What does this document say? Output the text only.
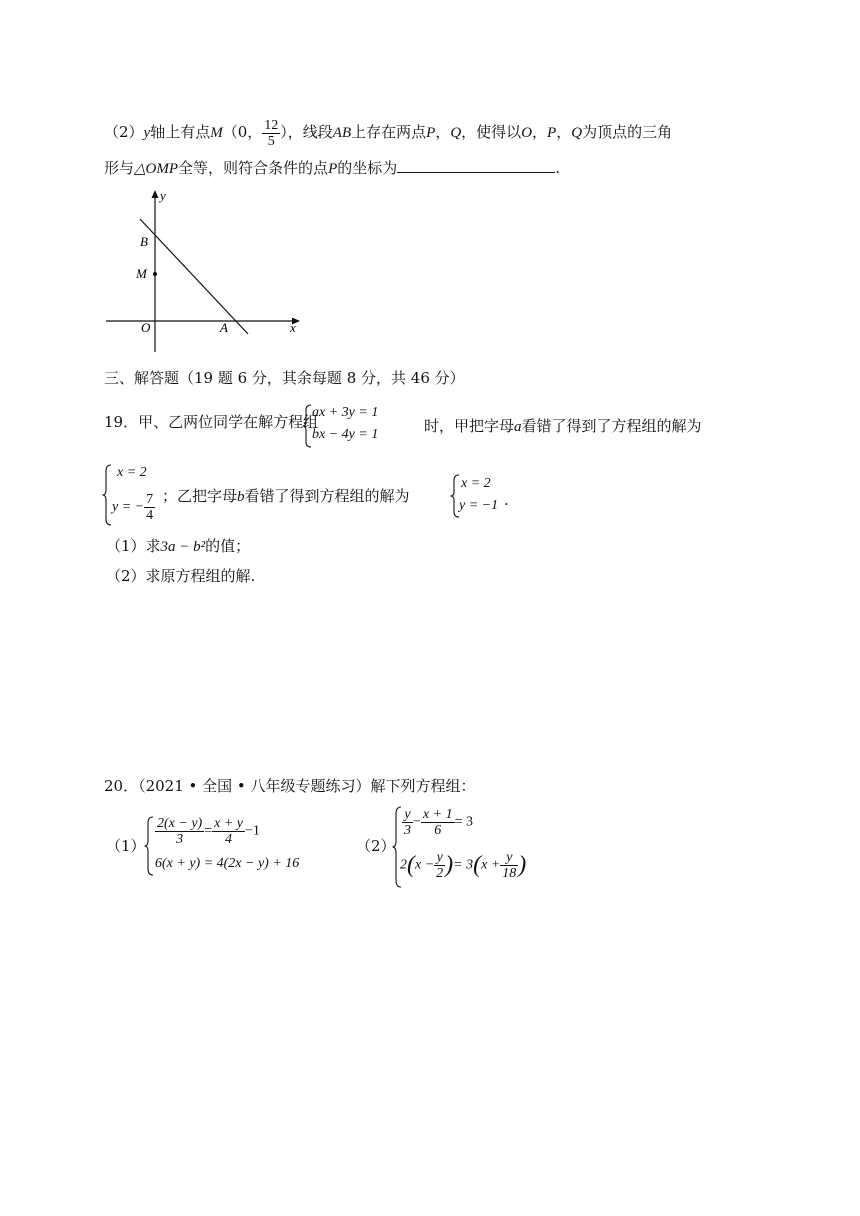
（2）y轴上有点M（0， $\frac{12}{5}$ ），线段AB上存在两点P，Q，使得以O，P，Q为顶点的三角
形与△OMP全等，则符合条件的点P的坐标为	.
x
y
B
M
O	A
三、解答题（19 题 6 分，其余每题 8 分，共 46 分）
19．甲、乙两位同学在解方程组
ax + 3y = 1
bx − 4y = 1	时，甲把字母a看错了得到了方程组的解为
x = 2
y = − $\frac{7}{4}$ ；乙把字母b看错了得到方程组的解为
x = 2
y = −1 .
（1）求3a − b²的值；
（2）求原方程组的解.
20．（2021 • 全国 • 八年级专题练习）解下列方程组：
$(1) \frac{2(x - y)}{3} = \frac{x + y}{4} -1$
6(x + y) = 4(2x − y) + 16
（2）
$\frac{y}{3} - \frac{x + 1}{6} = 3$
$2(x - \frac{y}{2}$ )= $3(x + \frac{y}{18}$ )
